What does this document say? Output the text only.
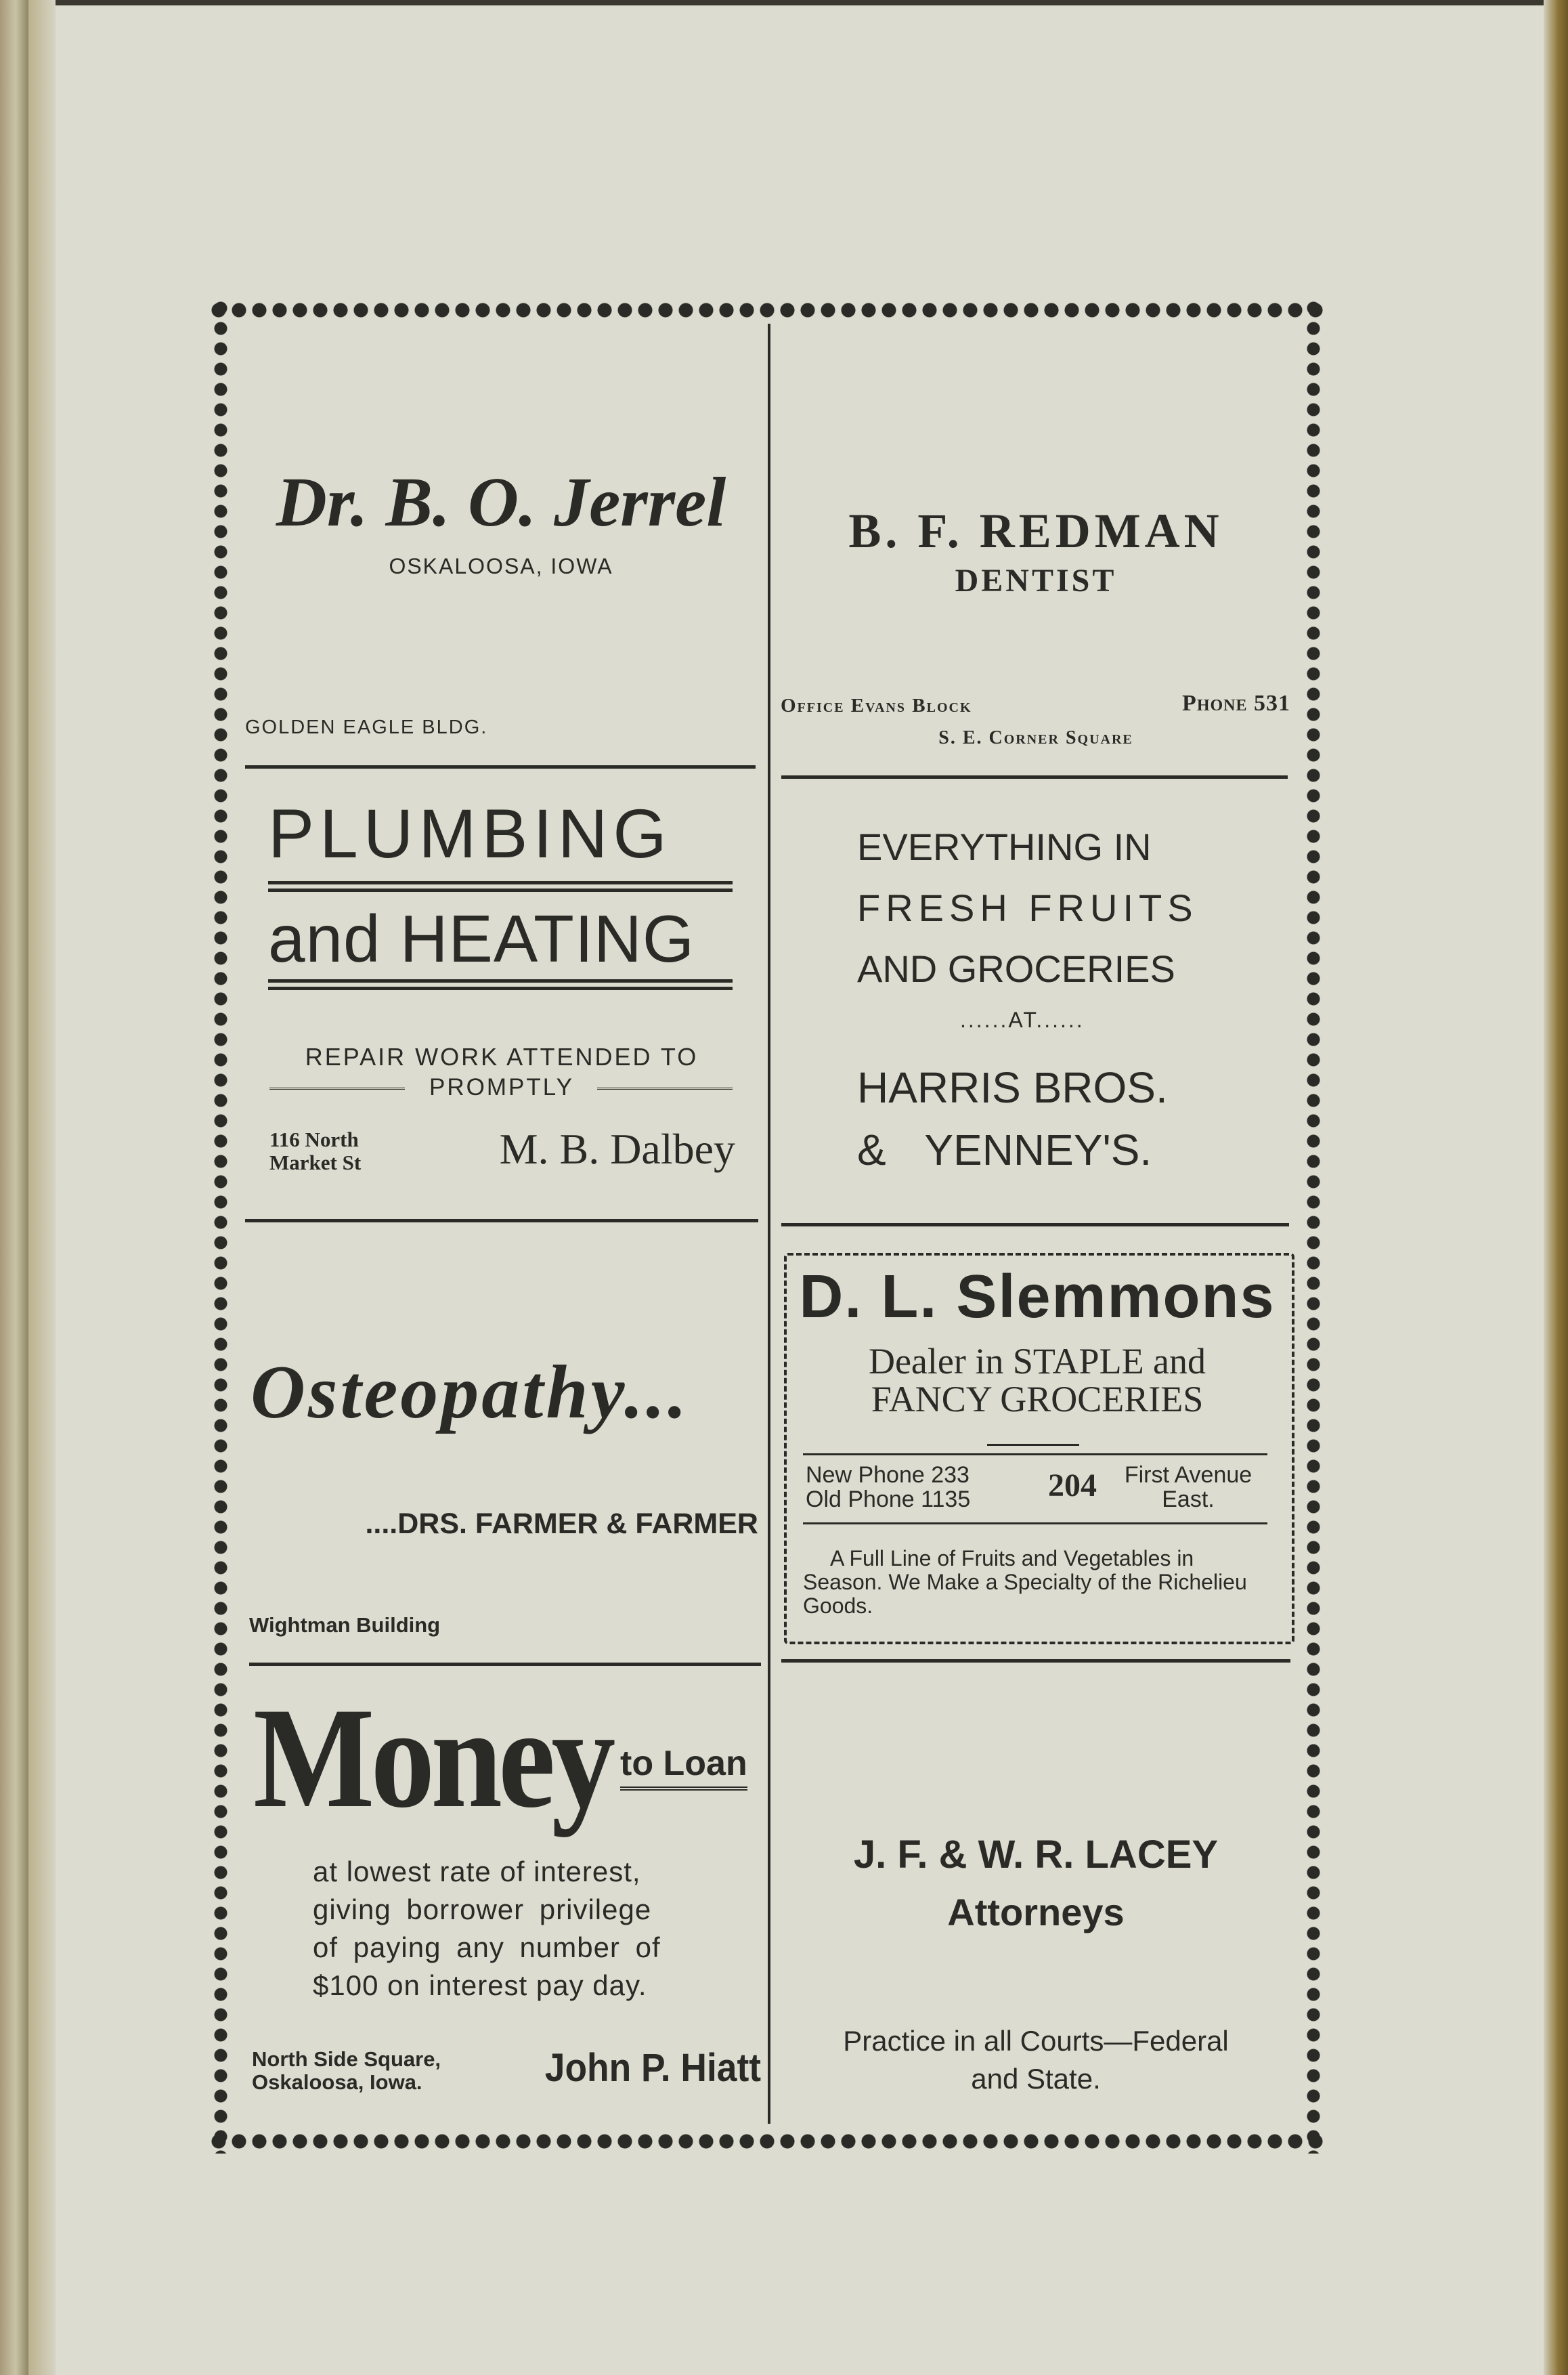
Dr. B. O. Jerrel
OSKALOOSA, IOWA
GOLDEN EAGLE BLDG.
B. F. REDMAN
DENTIST
Office Evans Block	Phone 531
S. E. Corner Square
PLUMBING
and HEATING
REPAIR WORK ATTENDED TO
PROMPTLY
116 North
Market St	M. B. Dalbey
EVERYTHING IN
FRESH FRUITS
AND GROCERIES
......AT......
HARRIS BROS.
& YENNEY'S.
Osteopathy...
....DRS. FARMER & FARMER
Wightman Building
D. L. Slemmons
Dealer in STAPLE and
FANCY GROCERIES
New Phone 233
Old Phone 1135 204	First Avenue
East.
A Full Line of Fruits and Vegetables in Season. We Make a Specialty of the Richelieu Goods.
Money to Loan
at lowest rate of interest,
giving borrower privilege
of paying any number of
$100 on interest pay day.
North Side Square,
Oskaloosa, Iowa.	John P. Hiatt
J. F. & W. R. LACEY
Attorneys
Practice in all Courts—Federal
and State.
